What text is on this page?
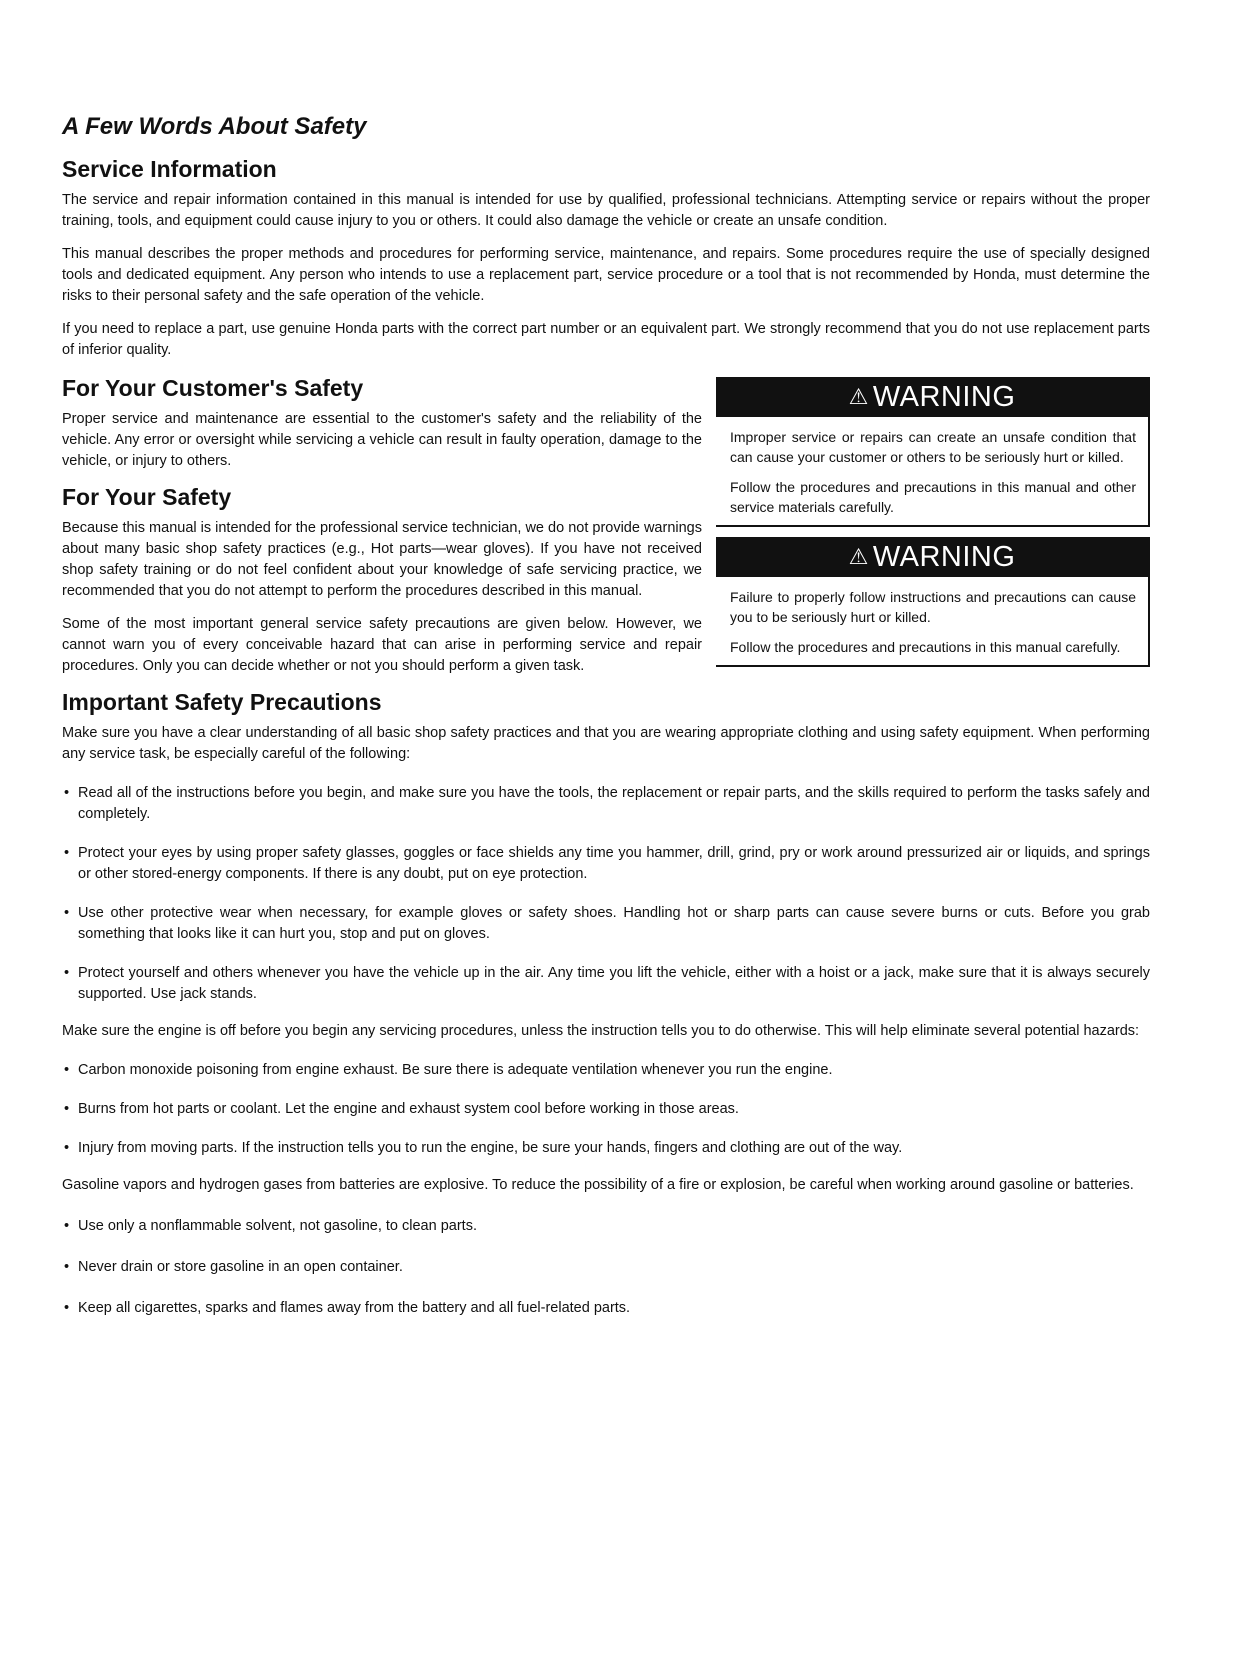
A Few Words About Safety
Service Information

The service and repair information contained in this manual is intended for use by qualified, professional technicians. Attempting service or repairs without the proper training, tools, and equipment could cause injury to you or others. It could also damage the vehicle or create an unsafe condition.

This manual describes the proper methods and procedures for performing service, maintenance, and repairs. Some procedures require the use of specially designed tools and dedicated equipment. Any person who intends to use a replacement part, service procedure or a tool that is not recommended by Honda, must determine the risks to their personal safety and the safe operation of the vehicle.

If you need to replace a part, use genuine Honda parts with the correct part number or an equivalent part. We strongly recommend that you do not use replacement parts of inferior quality.

For Your Customer's Safety

Proper service and maintenance are essential to the customer's safety and the reliability of the vehicle. Any error or oversight while servicing a vehicle can result in faulty operation, damage to the vehicle, or injury to others.

For Your Safety

Because this manual is intended for the professional service technician, we do not provide warnings about many basic shop safety practices (e.g., Hot parts—wear gloves). If you have not received shop safety training or do not feel confident about your knowledge of safe servicing practice, we recommended that you do not attempt to perform the procedures described in this manual.

Some of the most important general service safety precautions are given below. However, we cannot warn you of every conceivable hazard that can arise in performing service and repair procedures. Only you can decide whether or not you should perform a given task.

⚠ WARNING

Improper service or repairs can create an unsafe condition that can cause your customer or others to be seriously hurt or killed.

Follow the procedures and precautions in this manual and other service materials carefully.

⚠ WARNING

Failure to properly follow instructions and precautions can cause you to be seriously hurt or killed.

Follow the procedures and precautions in this manual carefully.

Important Safety Precautions

Make sure you have a clear understanding of all basic shop safety practices and that you are wearing appropriate clothing and using safety equipment. When performing any service task, be especially careful of the following:

• Read all of the instructions before you begin, and make sure you have the tools, the replacement or repair parts, and the skills required to perform the tasks safely and completely.
• Protect your eyes by using proper safety glasses, goggles or face shields any time you hammer, drill, grind, pry or work around pressurized air or liquids, and springs or other stored-energy components. If there is any doubt, put on eye protection.
• Use other protective wear when necessary, for example gloves or safety shoes. Handling hot or sharp parts can cause severe burns or cuts. Before you grab something that looks like it can hurt you, stop and put on gloves.
• Protect yourself and others whenever you have the vehicle up in the air. Any time you lift the vehicle, either with a hoist or a jack, make sure that it is always securely supported. Use jack stands.

Make sure the engine is off before you begin any servicing procedures, unless the instruction tells you to do otherwise. This will help eliminate several potential hazards:

• Carbon monoxide poisoning from engine exhaust. Be sure there is adequate ventilation whenever you run the engine.
• Burns from hot parts or coolant. Let the engine and exhaust system cool before working in those areas.
• Injury from moving parts. If the instruction tells you to run the engine, be sure your hands, fingers and clothing are out of the way.

Gasoline vapors and hydrogen gases from batteries are explosive. To reduce the possibility of a fire or explosion, be careful when working around gasoline or batteries.

• Use only a nonflammable solvent, not gasoline, to clean parts.
• Never drain or store gasoline in an open container.
• Keep all cigarettes, sparks and flames away from the battery and all fuel-related parts.
